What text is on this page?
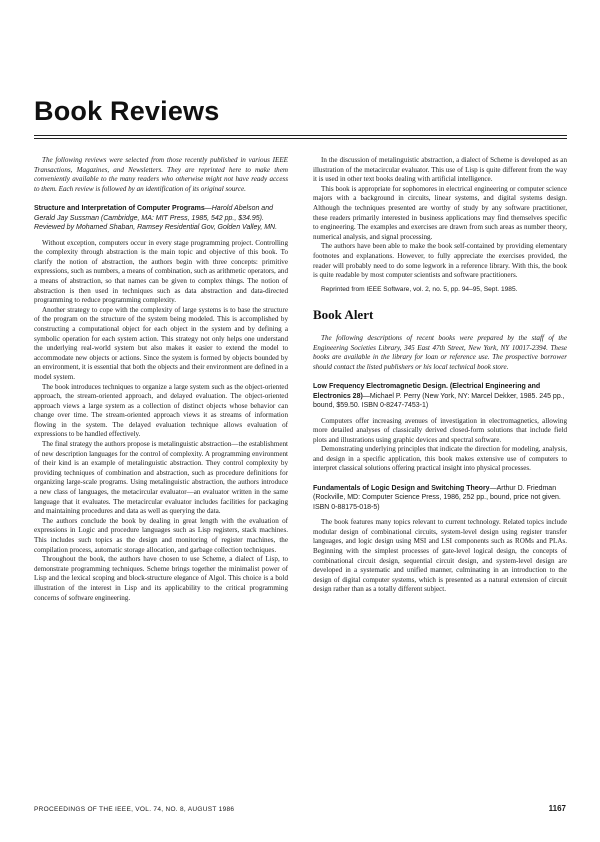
Book Reviews

The following reviews were selected from those recently published in various IEEE Transactions, Magazines, and Newsletters. They are reprinted here to make them conveniently available to the many readers who otherwise might not have ready access to them. Each review is followed by an identification of its original source.

Structure and Interpretation of Computer Programs—Harold Abelson and Gerald Jay Sussman (Cambridge, MA: MIT Press, 1985, 542 pp., $34.95). Reviewed by Mohamed Shaban, Ramsey Residential Gov, Golden Valley, MN.

Without exception, computers occur in every stage programming project. Controlling the complexity through abstraction is the main topic and objective of this book. To clarify the notion of abstraction, the authors begin with three concepts: primitive expressions, such as numbers, a means of combination, such as arithmetic operators, and a means of abstraction, so that names can be given to complex things. The notion of abstraction is then used in techniques such as data abstraction and data-directed programming to reduce programming complexity.

Another strategy to cope with the complexity of large systems is to base the structure of the program on the structure of the system being modeled. This is accomplished by constructing a computational object for each object in the system and by defining a symbolic operation for each system action. This strategy not only helps one understand the underlying real-world system but also makes it easier to extend the model to accommodate new objects or actions. Since the system is formed by objects bounded by an environment, it is essential that both the objects and their environment are defined in a model system.

The book introduces techniques to organize a large system such as the object-oriented approach, the stream-oriented approach, and delayed evaluation. The object-oriented approach views a large system as a collection of distinct objects whose behavior can change over time. The stream-oriented approach views it as streams of information flowing in the system. The delayed evaluation technique allows evaluation of expressions to be handled effectively.

The final strategy the authors propose is metalinguistic abstraction—the establishment of new description languages for the control of complexity. A programming environment of their kind is an example of metalinguistic abstraction. They control complexity by providing techniques of combination and abstraction, such as procedure definitions for organizing large-scale programs. Using metalinguistic abstraction, the authors introduce a new class of languages, the metacircular evaluator—an evaluator written in the same language that it evaluates. The metacircular evaluator includes facilities for packaging and maintaining procedures and data as well as querying the data.

The authors conclude the book by dealing in great length with the evaluation of expressions in Logic and procedure languages such as Lisp registers, stack machines. This includes such topics as the design and monitoring of register machines, the compilation process, automatic storage allocation, and garbage collection techniques.

Throughout the book, the authors have chosen to use Scheme, a dialect of Lisp, to demonstrate programming techniques. Scheme brings together the minimalist power of Lisp and the lexical scoping and block-structure elegance of Algol. This choice is a bold illustration of the interest in Lisp and its applicability to the critical programming concerns of software engineering.

In the discussion of metalinguistic abstraction, a dialect of Scheme is developed as an illustration of the metacircular evaluator. This use of Lisp is quite different from the way it is used in other text books dealing with artificial intelligence.

This book is appropriate for sophomores in electrical engineering or computer science majors with a background in circuits, linear systems, and digital systems design. Although the techniques presented are worthy of study by any software practitioner, these readers primarily interested in business applications may find themselves specific to engineering. The examples and exercises are drawn from such areas as number theory, numerical analysis, and signal processing.

The authors have been able to make the book self-contained by providing elementary footnotes and explanations. However, to fully appreciate the exercises provided, the reader will probably need to do some legwork in a reference library. With this, the book is quite readable by most computer scientists and software practitioners.

Reprinted from IEEE Software, vol. 2, no. 5, pp. 94–95, Sept. 1985.

Book Alert

The following descriptions of recent books were prepared by the staff of the Engineering Societies Library, 345 East 47th Street, New York, NY 10017-2394. These books are available in the library for loan or reference use. The prospective borrower should contact the listed publishers or his local technical book store.

Low Frequency Electromagnetic Design. (Electrical Engineering and Electronics 28)—Michael P. Perry (New York, NY: Marcel Dekker, 1985. 245 pp., bound, $59.50. ISBN 0-8247-7453-1)

Computers offer increasing avenues of investigation in electromagnetics, allowing more detailed analyses of classically derived closed-form solutions that include field plots and illustrations using graphic devices and spectral software.

Demonstrating underlying principles that indicate the direction for modeling, analysis, and design in a specific application, this book makes extensive use of computers to interpret classical solutions offering practical insight into physical processes.

Fundamentals of Logic Design and Switching Theory—Arthur D. Friedman (Rockville, MD: Computer Science Press, 1986, 252 pp., bound, price not given. ISBN 0-88175-018-5)

The book features many topics relevant to current technology. Related topics include modular design of combinational circuits, system-level design using register transfer languages, and logic design using MSI and LSI components such as ROMs and PLAs. Beginning with the simplest processes of gate-level logical design, the concepts of combinational circuit design, sequential circuit design, and system-level design are developed in a systematic and unified manner, culminating in an introduction to the design of digital computer systems, which is presented as a natural extension of circuit design rather than as a totally different subject.

PROCEEDINGS OF THE IEEE, VOL. 74, NO. 8, AUGUST 1986	1167
